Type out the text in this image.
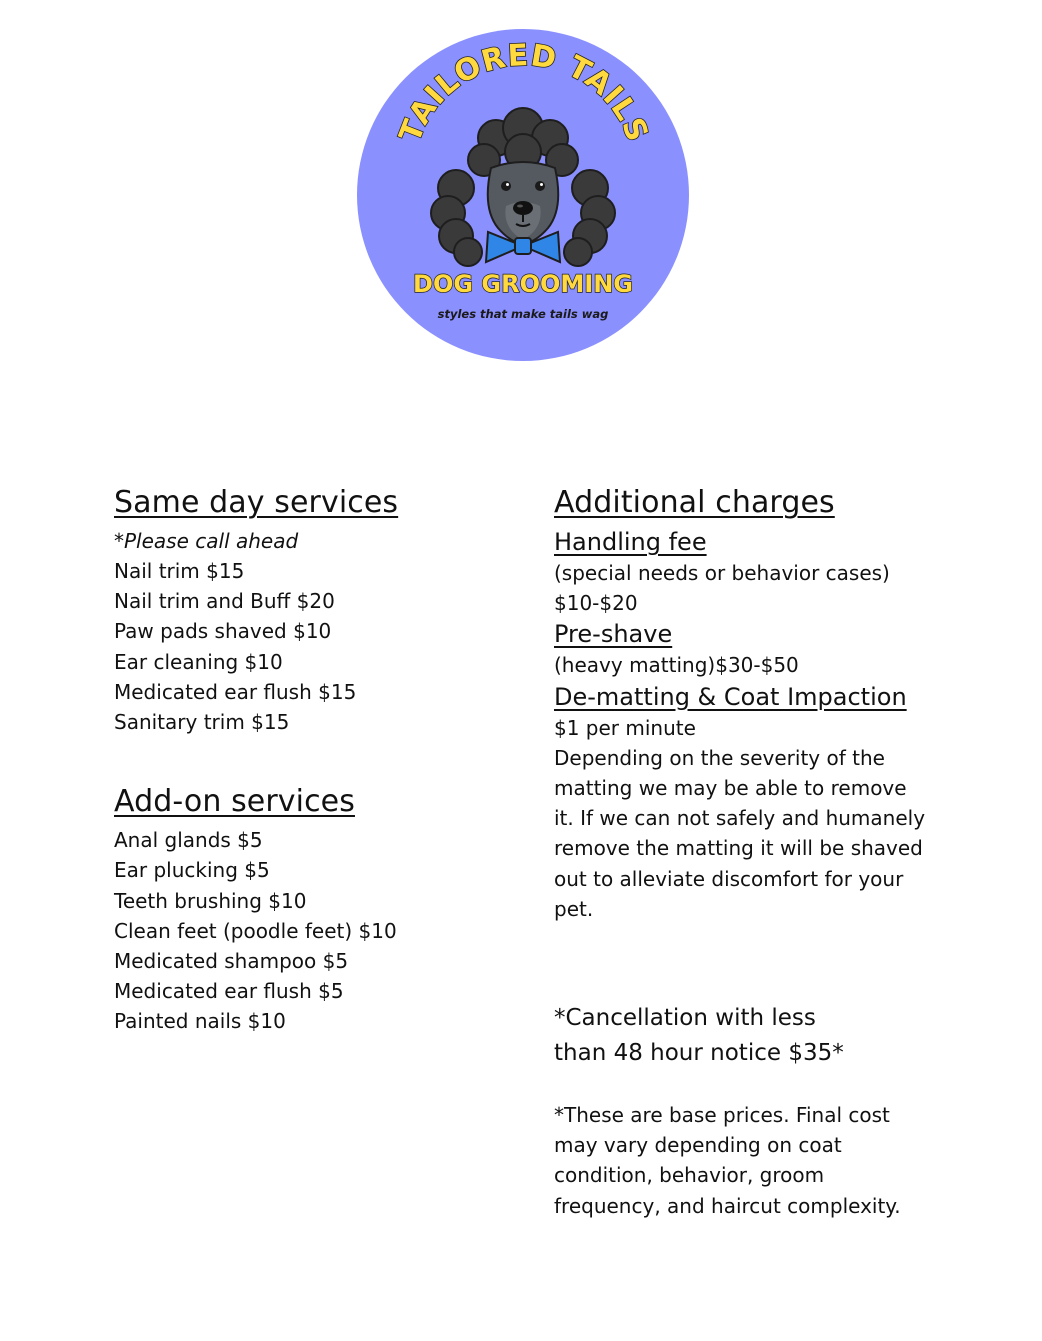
TAILORED TAILS
DOG GROOMING
styles that make tails wag
Same day services
*Please call ahead
Nail trim $15
Nail trim and Buff $20
Paw pads shaved $10
Ear cleaning $10
Medicated ear flush $15
Sanitary trim $15
Add-on services
Anal glands $5
Ear plucking $5
Teeth brushing $10
Clean feet (poodle feet) $10
Medicated shampoo $5
Medicated ear flush $5
Painted nails $10
Additional charges
Handling fee
(special needs or behavior cases)
$10-$20
Pre-shave
(heavy matting)$30-$50
De-matting & Coat Impaction
$1 per minute
Depending on the severity of the
matting we may be able to remove
it. If we can not safely and humanely
remove the matting it will be shaved
out to alleviate discomfort for your
pet.
*Cancellation with less
than 48 hour notice $35*
*These are base prices. Final cost
may vary depending on coat
condition, behavior, groom
frequency, and haircut complexity.
